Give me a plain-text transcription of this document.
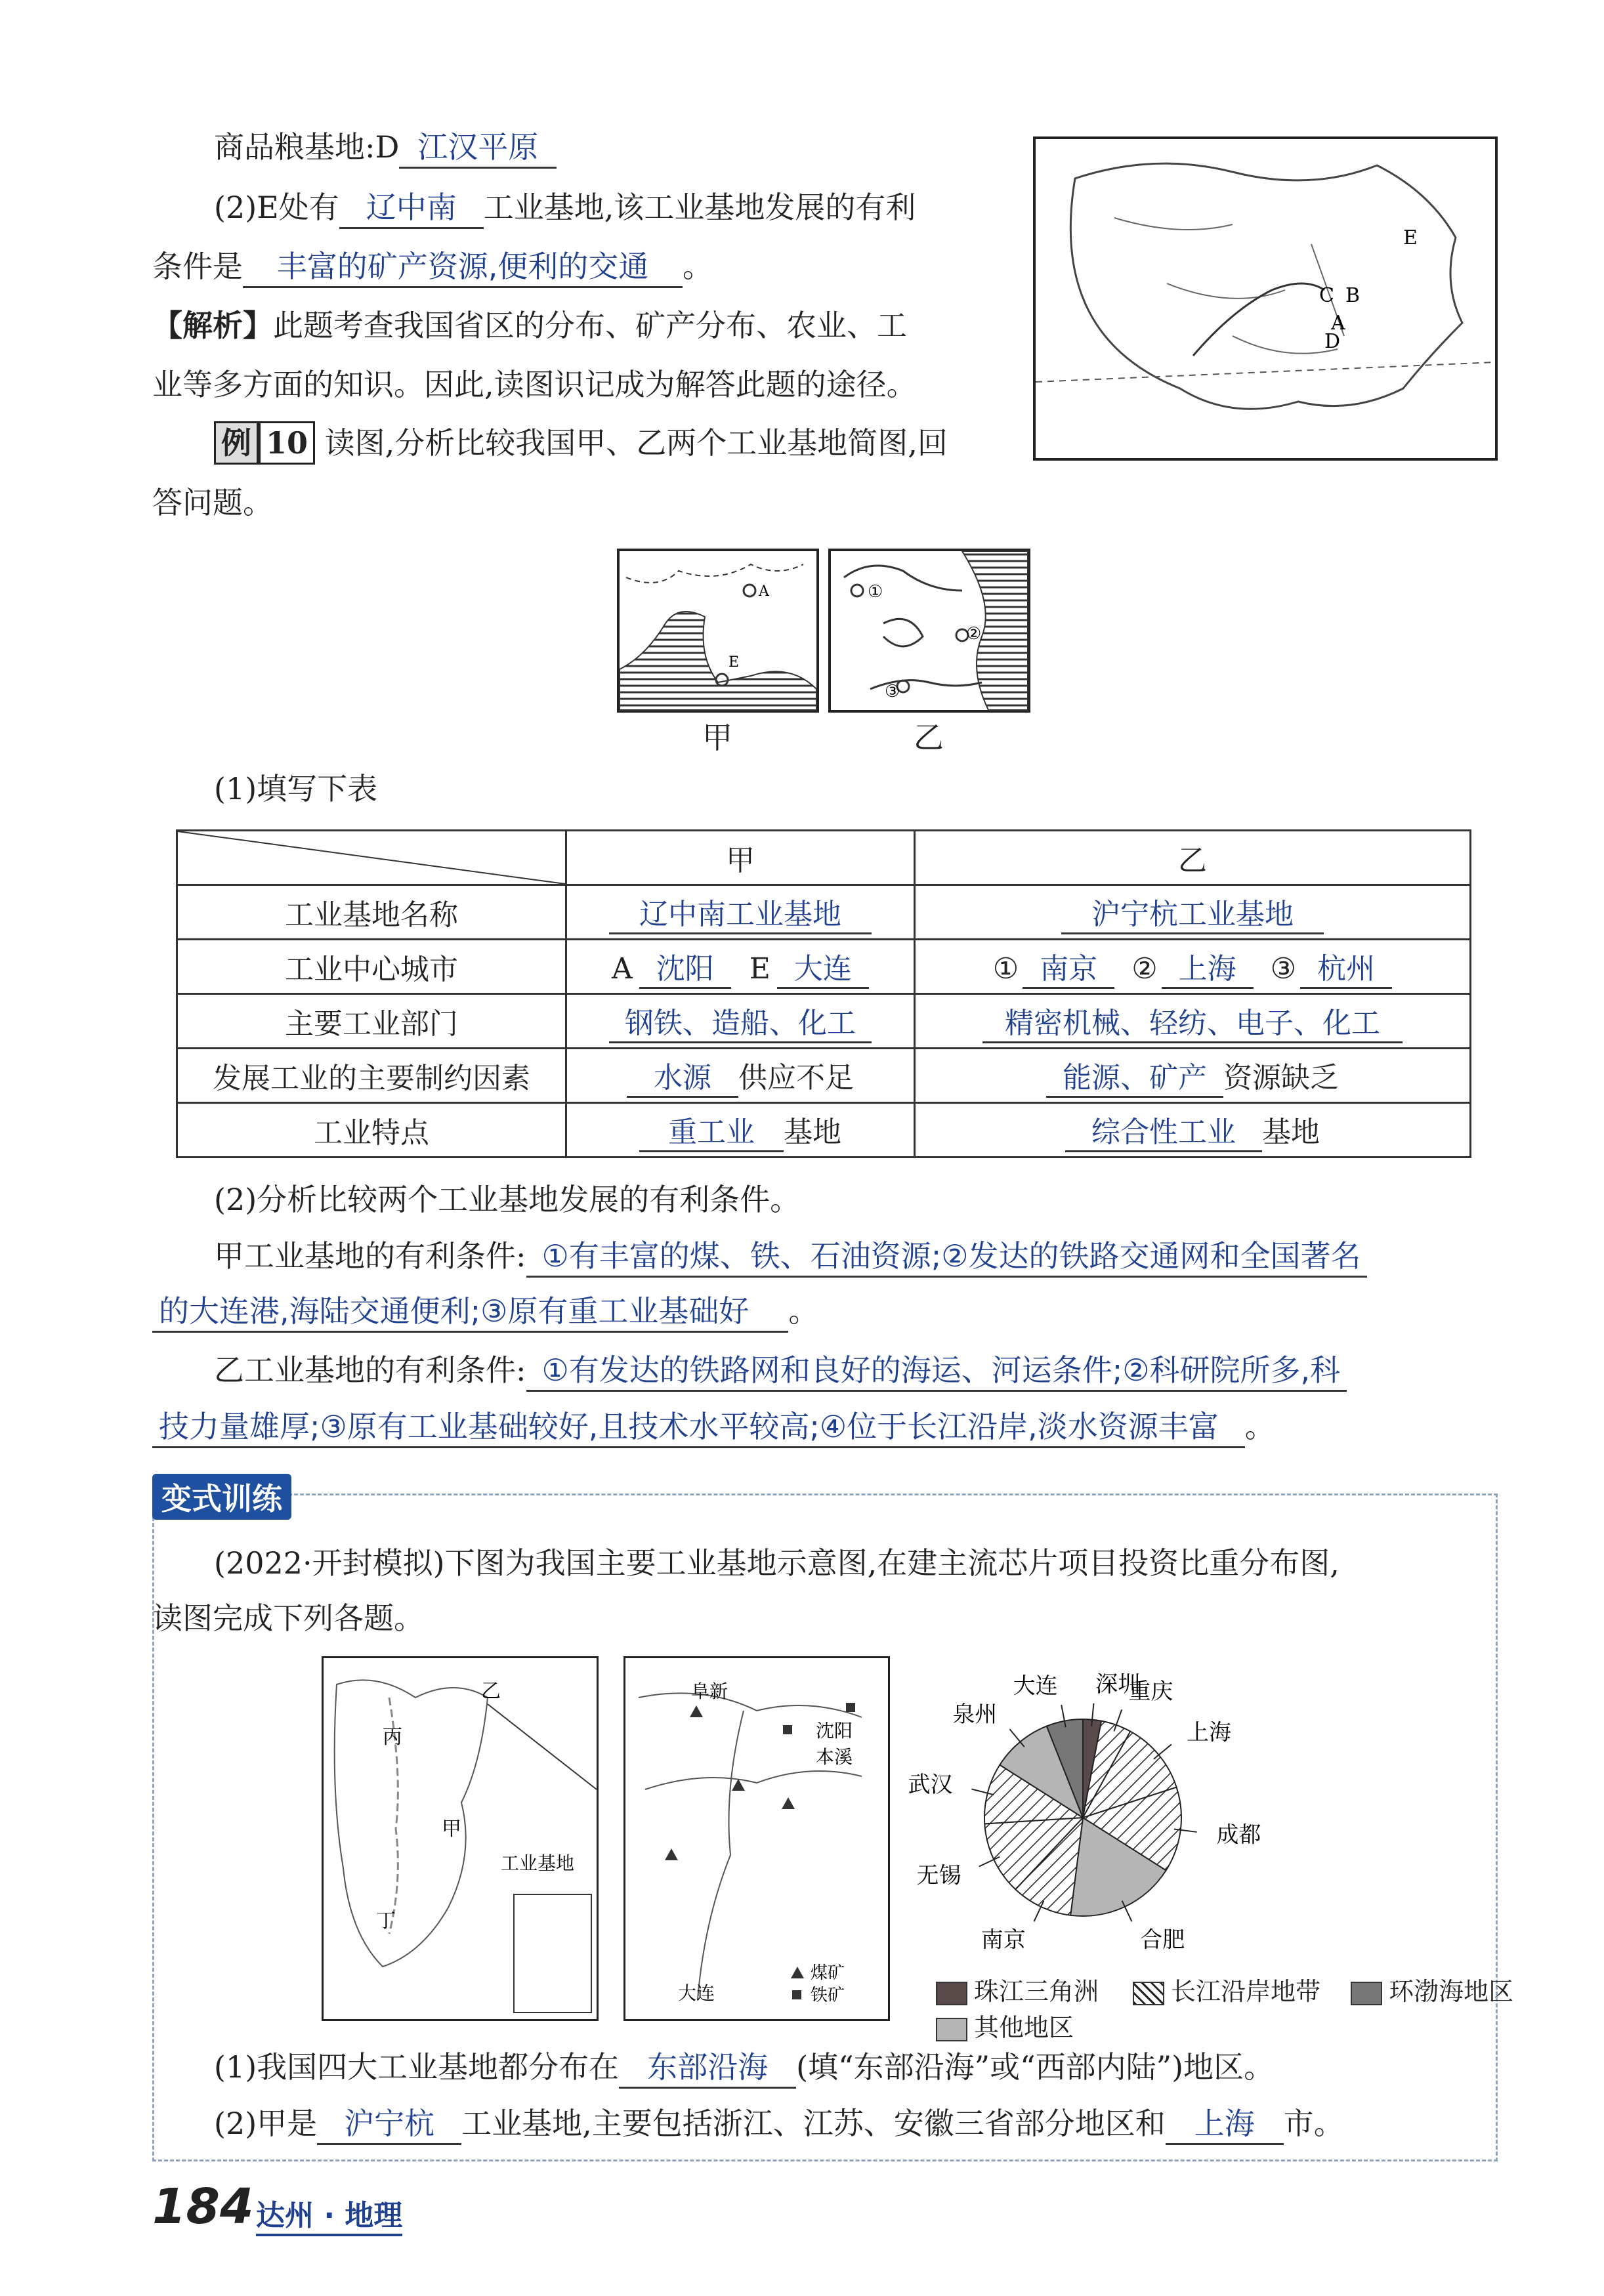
商品粮基地:D 江汉平原
(2)E处有 辽中南 工业基地,该工业基地发展的有利
条件是 丰富的矿产资源,便利的交通 。
【解析】此题考查我国省区的分布、矿产分布、农业、工
业等多方面的知识。因此,读图识记成为解答此题的途径。
例 10 读图,分析比较我国甲、乙两个工业基地简图,回
答问题。
E
C B
A
D
A
E
①
②
③
甲	乙
(1)填写下表
	甲	乙
工业基地名称	辽中南工业基地	沪宁杭工业基地
工业中心城市	A 沈阳 E 大连	① 南京 ② 上海 ③ 杭州
主要工业部门	钢铁、造船、化工	精密机械、轻纺、电子、化工
发展工业的主要制约因素	水源 供应不足	能源、矿产 资源缺乏
工业特点	重工业 基地	综合性工业 基地
(2)分析比较两个工业基地发展的有利条件。
甲工业基地的有利条件: ①有丰富的煤、铁、石油资源;②发达的铁路交通网和全国著名
的大连港,海陆交通便利;③原有重工业基础好 。
乙工业基地的有利条件: ①有发达的铁路网和良好的海运、河运条件;②科研院所多,科
技力量雄厚;③原有工业基础较好,且技术水平较高;④位于长江沿岸,淡水资源丰富 。
变式训练
(2022·开封模拟)下图为我国主要工业基地示意图,在建主流芯片项目投资比重分布图,
读图完成下列各题。
乙
丙
甲
丁
工业基地
阜新
沈阳
本溪
大连
煤矿
铁矿
深圳
重庆
上海
成都
合肥
南京
无锡
武汉
泉州
大连
珠江三角洲	长江沿岸地带	环渤海地区其他地区
(1)我国四大工业基地都分布在 东部沿海 (填“东部沿海”或“西部内陆”)地区。
(2)甲是 沪宁杭 工业基地,主要包括浙江、江苏、安徽三省部分地区和 上海 市。
184 达州 · 地理
